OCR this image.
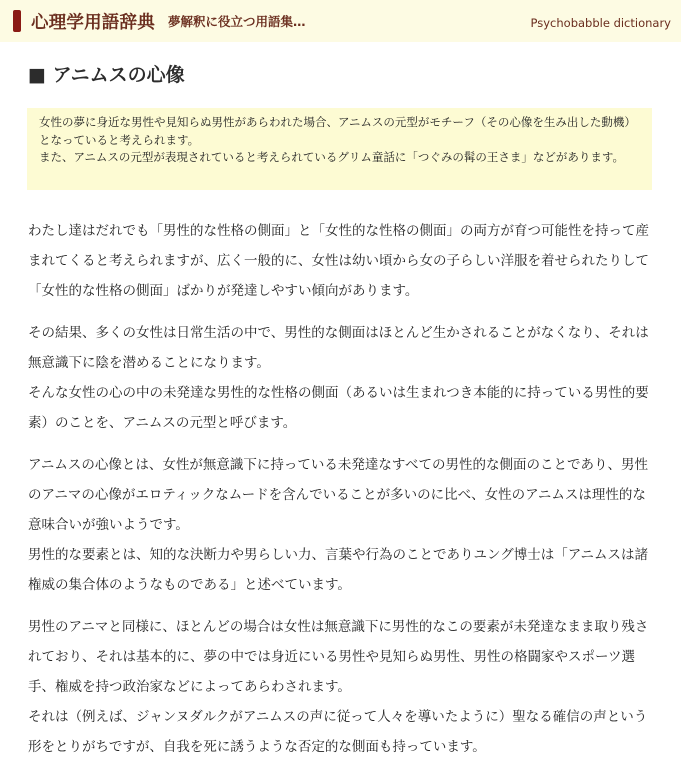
心理学用語辞典 夢解釈に役立つ用語集…	Psychobabble dictionary
■ アニムスの心像

女性の夢に身近な男性や見知らぬ男性があらわれた場合、アニムスの元型がモチーフ（その心像を生み出した動機）となっていると考えられます。

また、アニムスの元型が表現されていると考えられているグリム童話に「つぐみの髯の王さま」などがあります。

わたし達はだれでも「男性的な性格の側面」と「女性的な性格の側面」の両方が育つ可能性を持って産まれてくると考えられますが、広く一般的に、女性は幼い頃から女の子らしい洋服を着せられたりして「女性的な性格の側面」ばかりが発達しやすい傾向があります。

その結果、多くの女性は日常生活の中で、男性的な側面はほとんど生かされることがなくなり、それは無意識下に陰を潜めることになります。

そんな女性の心の中の未発達な男性的な性格の側面（あるいは生まれつき本能的に持っている男性的要素）のことを、アニムスの元型と呼びます。

アニムスの心像とは、女性が無意識下に持っている未発達なすべての男性的な側面のことであり、男性のアニマの心像がエロティックなムードを含んでいることが多いのに比べ、女性のアニムスは理性的な意味合いが強いようです。

男性的な要素とは、知的な決断力や男らしい力、言葉や行為のことでありユング博士は「アニムスは諸権威の集合体のようなものである」と述べています。

男性のアニマと同様に、ほとんどの場合は女性は無意識下に男性的なこの要素が未発達なまま取り残されており、それは基本的に、夢の中では身近にいる男性や見知らぬ男性、男性の格闘家やスポーツ選手、権威を持つ政治家などによってあらわされます。

それは（例えば、ジャンヌダルクがアニムスの声に従って人々を導いたように）聖なる確信の声という形をとりがちですが、自我を死に誘うような否定的な側面も持っています。
